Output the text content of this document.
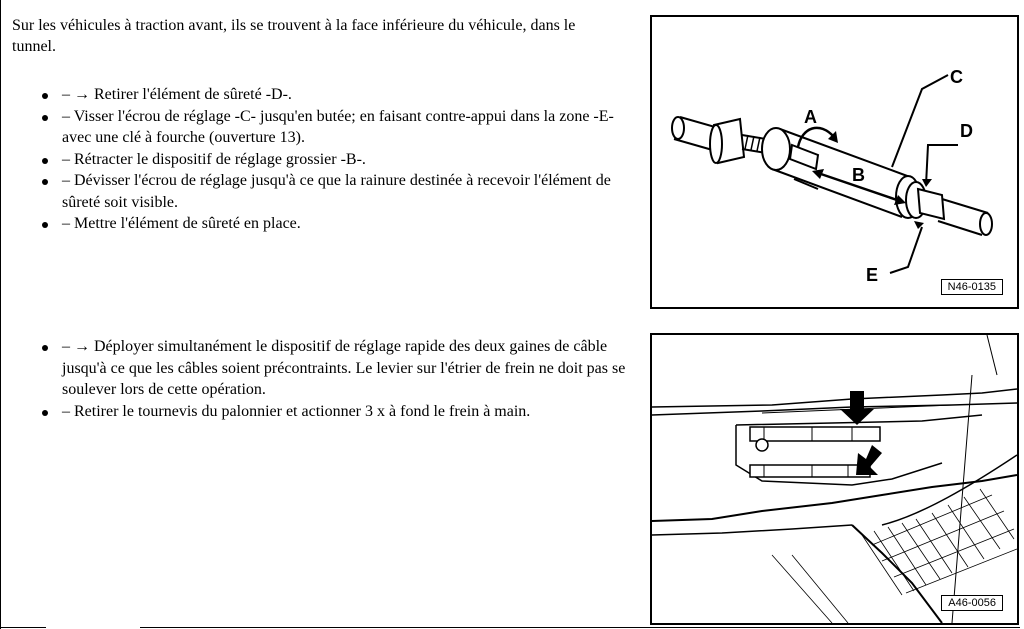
Sur les véhicules à traction avant, ils se trouvent à la face inférieure du véhicule, dans le tunnel.

– → Retirer l'élément de sûreté -D-.
– Visser l'écrou de réglage -C- jusqu'en butée; en faisant contre-appui dans la zone -E- avec une clé à fourche (ouverture 13).
– Rétracter le dispositif de réglage grossier -B-.
– Dévisser l'écrou de réglage jusqu'à ce que la rainure destinée à recevoir l'élément de sûreté soit visible.
– Mettre l'élément de sûreté en place.
– → Déployer simultanément le dispositif de réglage rapide des deux gaines de câble jusqu'à ce que les câbles soient précontraints. Le levier sur l'étrier de frein ne doit pas se soulever lors de cette opération.
– Retirer le tournevis du palonnier et actionner 3 x à fond le frein à main.
A
B
C
D
E
N46-0135
A46-0056
